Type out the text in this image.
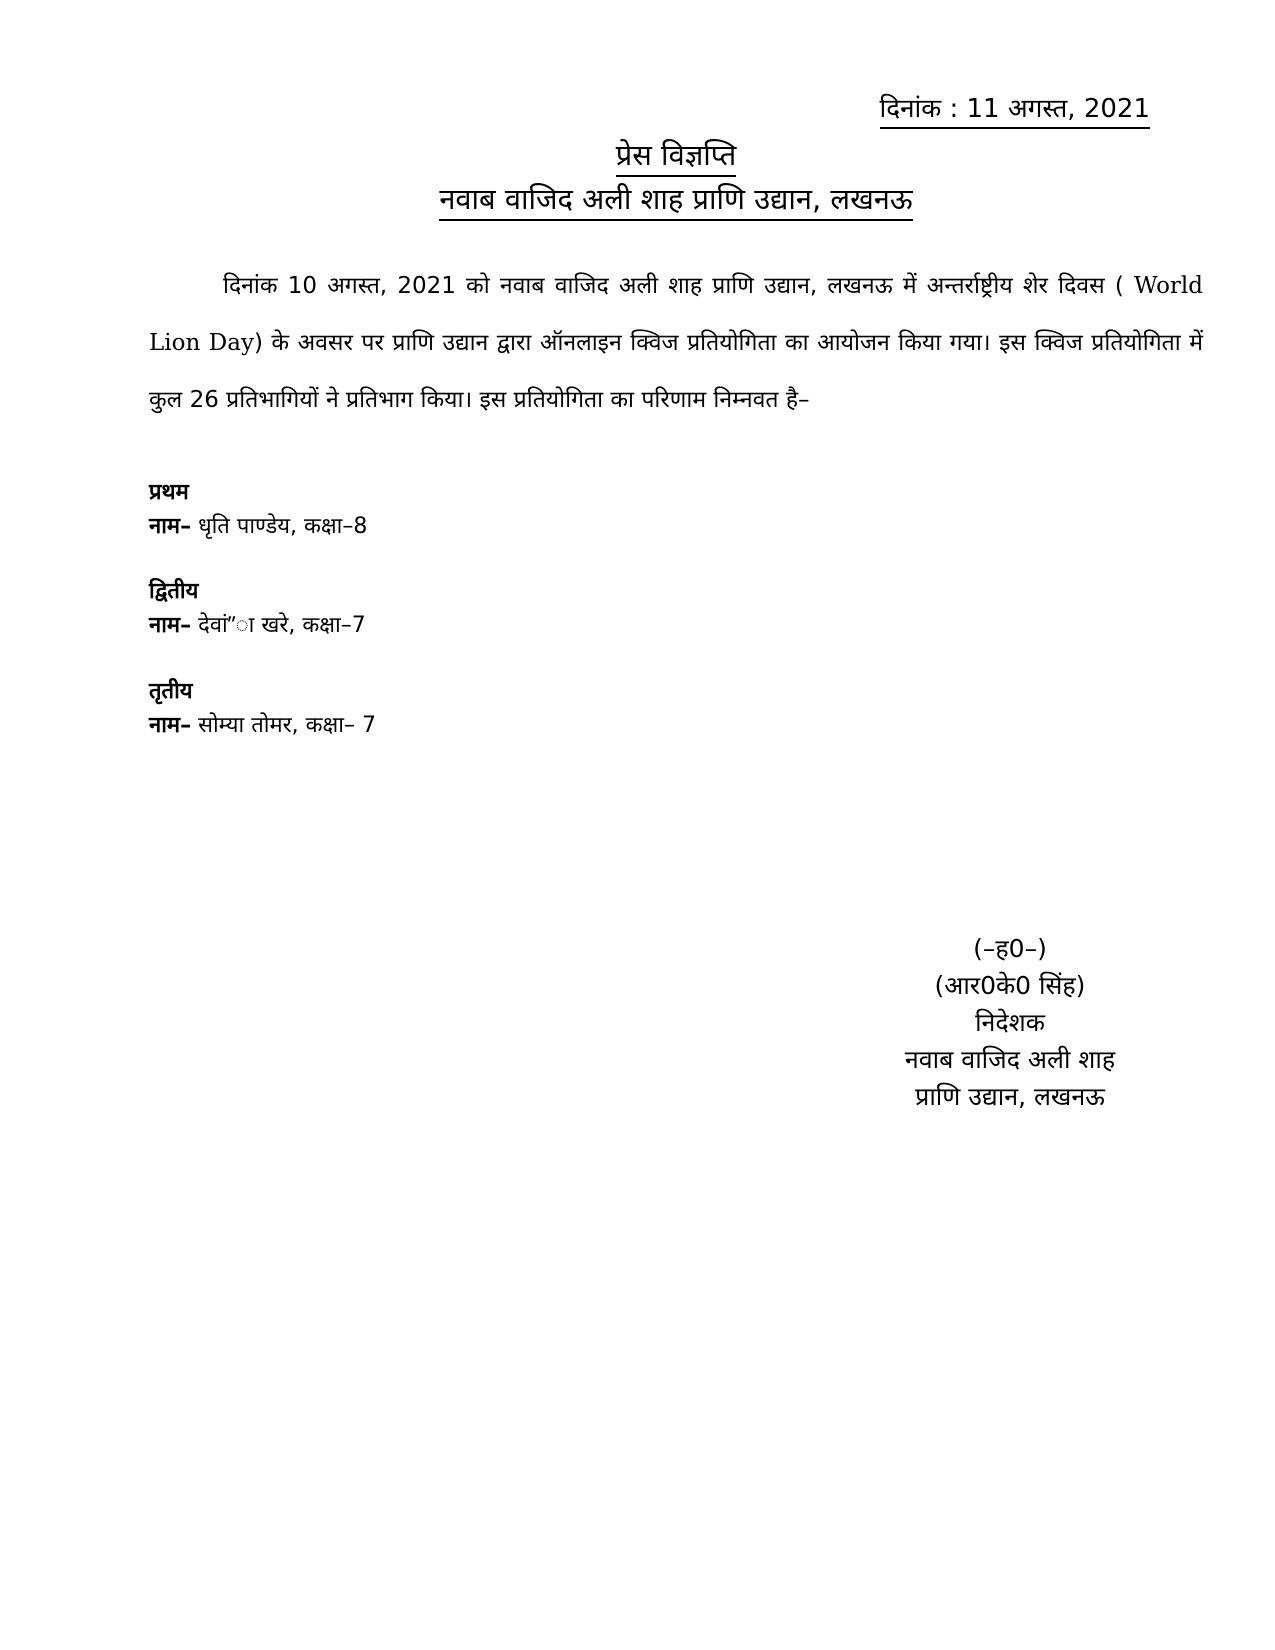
दिनांक : 11 अगस्त, 2021
प्रेस विज्ञप्ति
नवाब वाजिद अली शाह प्राणि उद्यान, लखनऊ
दिनांक 10 अगस्त, 2021 को नवाब वाजिद अली शाह प्राणि उद्यान, लखनऊ में अन्तर्राष्ट्रीय शेर दिवस ( World Lion Day) के अवसर पर प्राणि उद्यान द्वारा ऑनलाइन क्विज प्रतियोगिता का आयोजन किया गया। इस क्विज प्रतियोगिता में कुल 26 प्रतिभागियों ने प्रतिभाग किया। इस प्रतियोगिता का परिणाम निम्नवत है–
प्रथम
नाम– धृति पाण्डेय, कक्षा–8
द्वितीय
नाम– देवां”ा खरे, कक्षा–7
तृतीय
नाम– सोम्या तोमर, कक्षा– 7
(–ह0–)
(आर0के0 सिंह)
निदेशक
नवाब वाजिद अली शाह
प्राणि उद्यान, लखनऊ
